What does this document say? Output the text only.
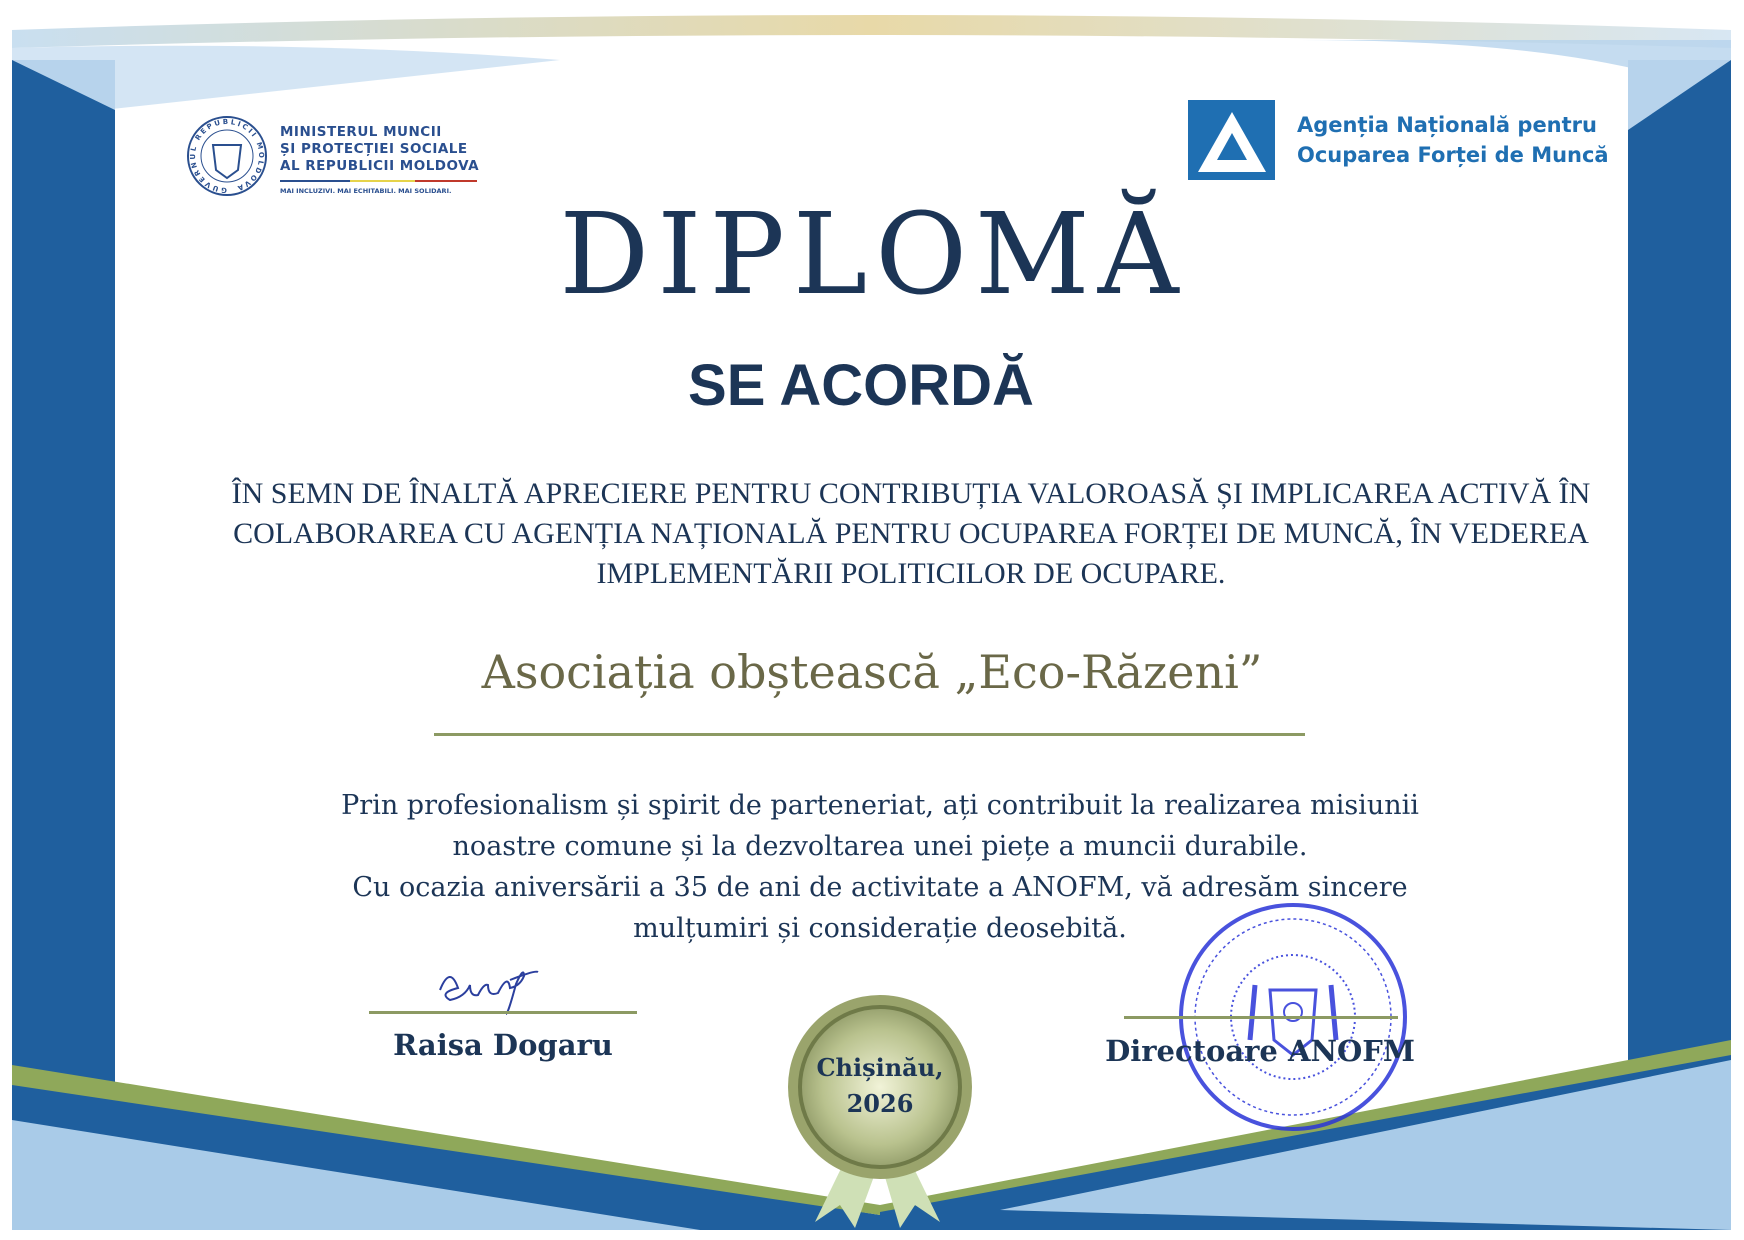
GUVERNUL REPUBLICII MOLDOVA
MINISTERUL MUNCII
ȘI PROTECȚIEI SOCIALE
AL REPUBLICII MOLDOVA
MAI INCLUZIVI. MAI ECHITABILI. MAI SOLIDARI.
Agenția Națională pentru
Ocuparea Forței de Muncă
DIPLOMĂ
SE ACORDĂ
ÎN SEMN DE ÎNALTĂ APRECIERE PENTRU CONTRIBUȚIA VALOROASĂ ȘI IMPLICAREA ACTIVĂ ÎN
COLABORAREA CU AGENȚIA NAȚIONALĂ PENTRU OCUPAREA FORȚEI DE MUNCĂ, ÎN VEDEREA
IMPLEMENTĂRII POLITICILOR DE OCUPARE.
Asociația obștească „Eco-Răzeni”
Prin profesionalism și spirit de parteneriat, ați contribuit la realizarea misiunii
noastre comune și la dezvoltarea unei piețe a muncii durabile.
Cu ocazia aniversării a 35 de ani de activitate a ANOFM, vă adresăm sincere
mulțumiri și considerație deosebită.
Raisa Dogaru	Directoare ANOFM
Chișinău,
2026
